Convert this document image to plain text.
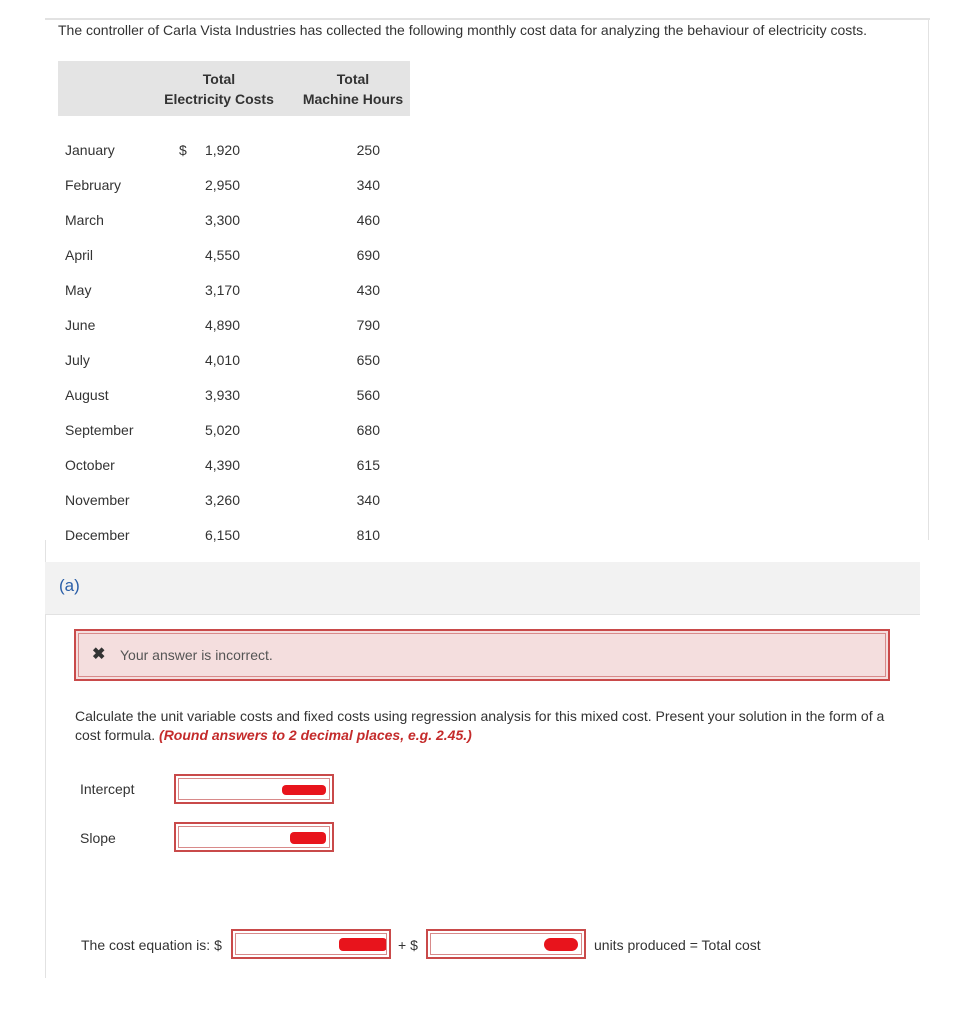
The controller of Carla Vista Industries has collected the following monthly cost data for analyzing the behaviour of electricity costs.
Total
Electricity Costs
Total
Machine Hours
January	$	1,920	250
February	2,950	340
March	3,300	460
April	4,550	690
May	3,170	430
June	4,890	790
July	4,010	650
August	3,930	560
September	5,020	680
October	4,390	615
November	3,260	340
December	6,150	810
(a)
✖ Your answer is incorrect.
Calculate the unit variable costs and fixed costs using regression analysis for this mixed cost. Present your solution in the form of a cost formula. (Round answers to 2 decimal places, e.g. 2.45.)
Intercept
Slope
The cost equation is: $	+ $	units produced = Total cost
